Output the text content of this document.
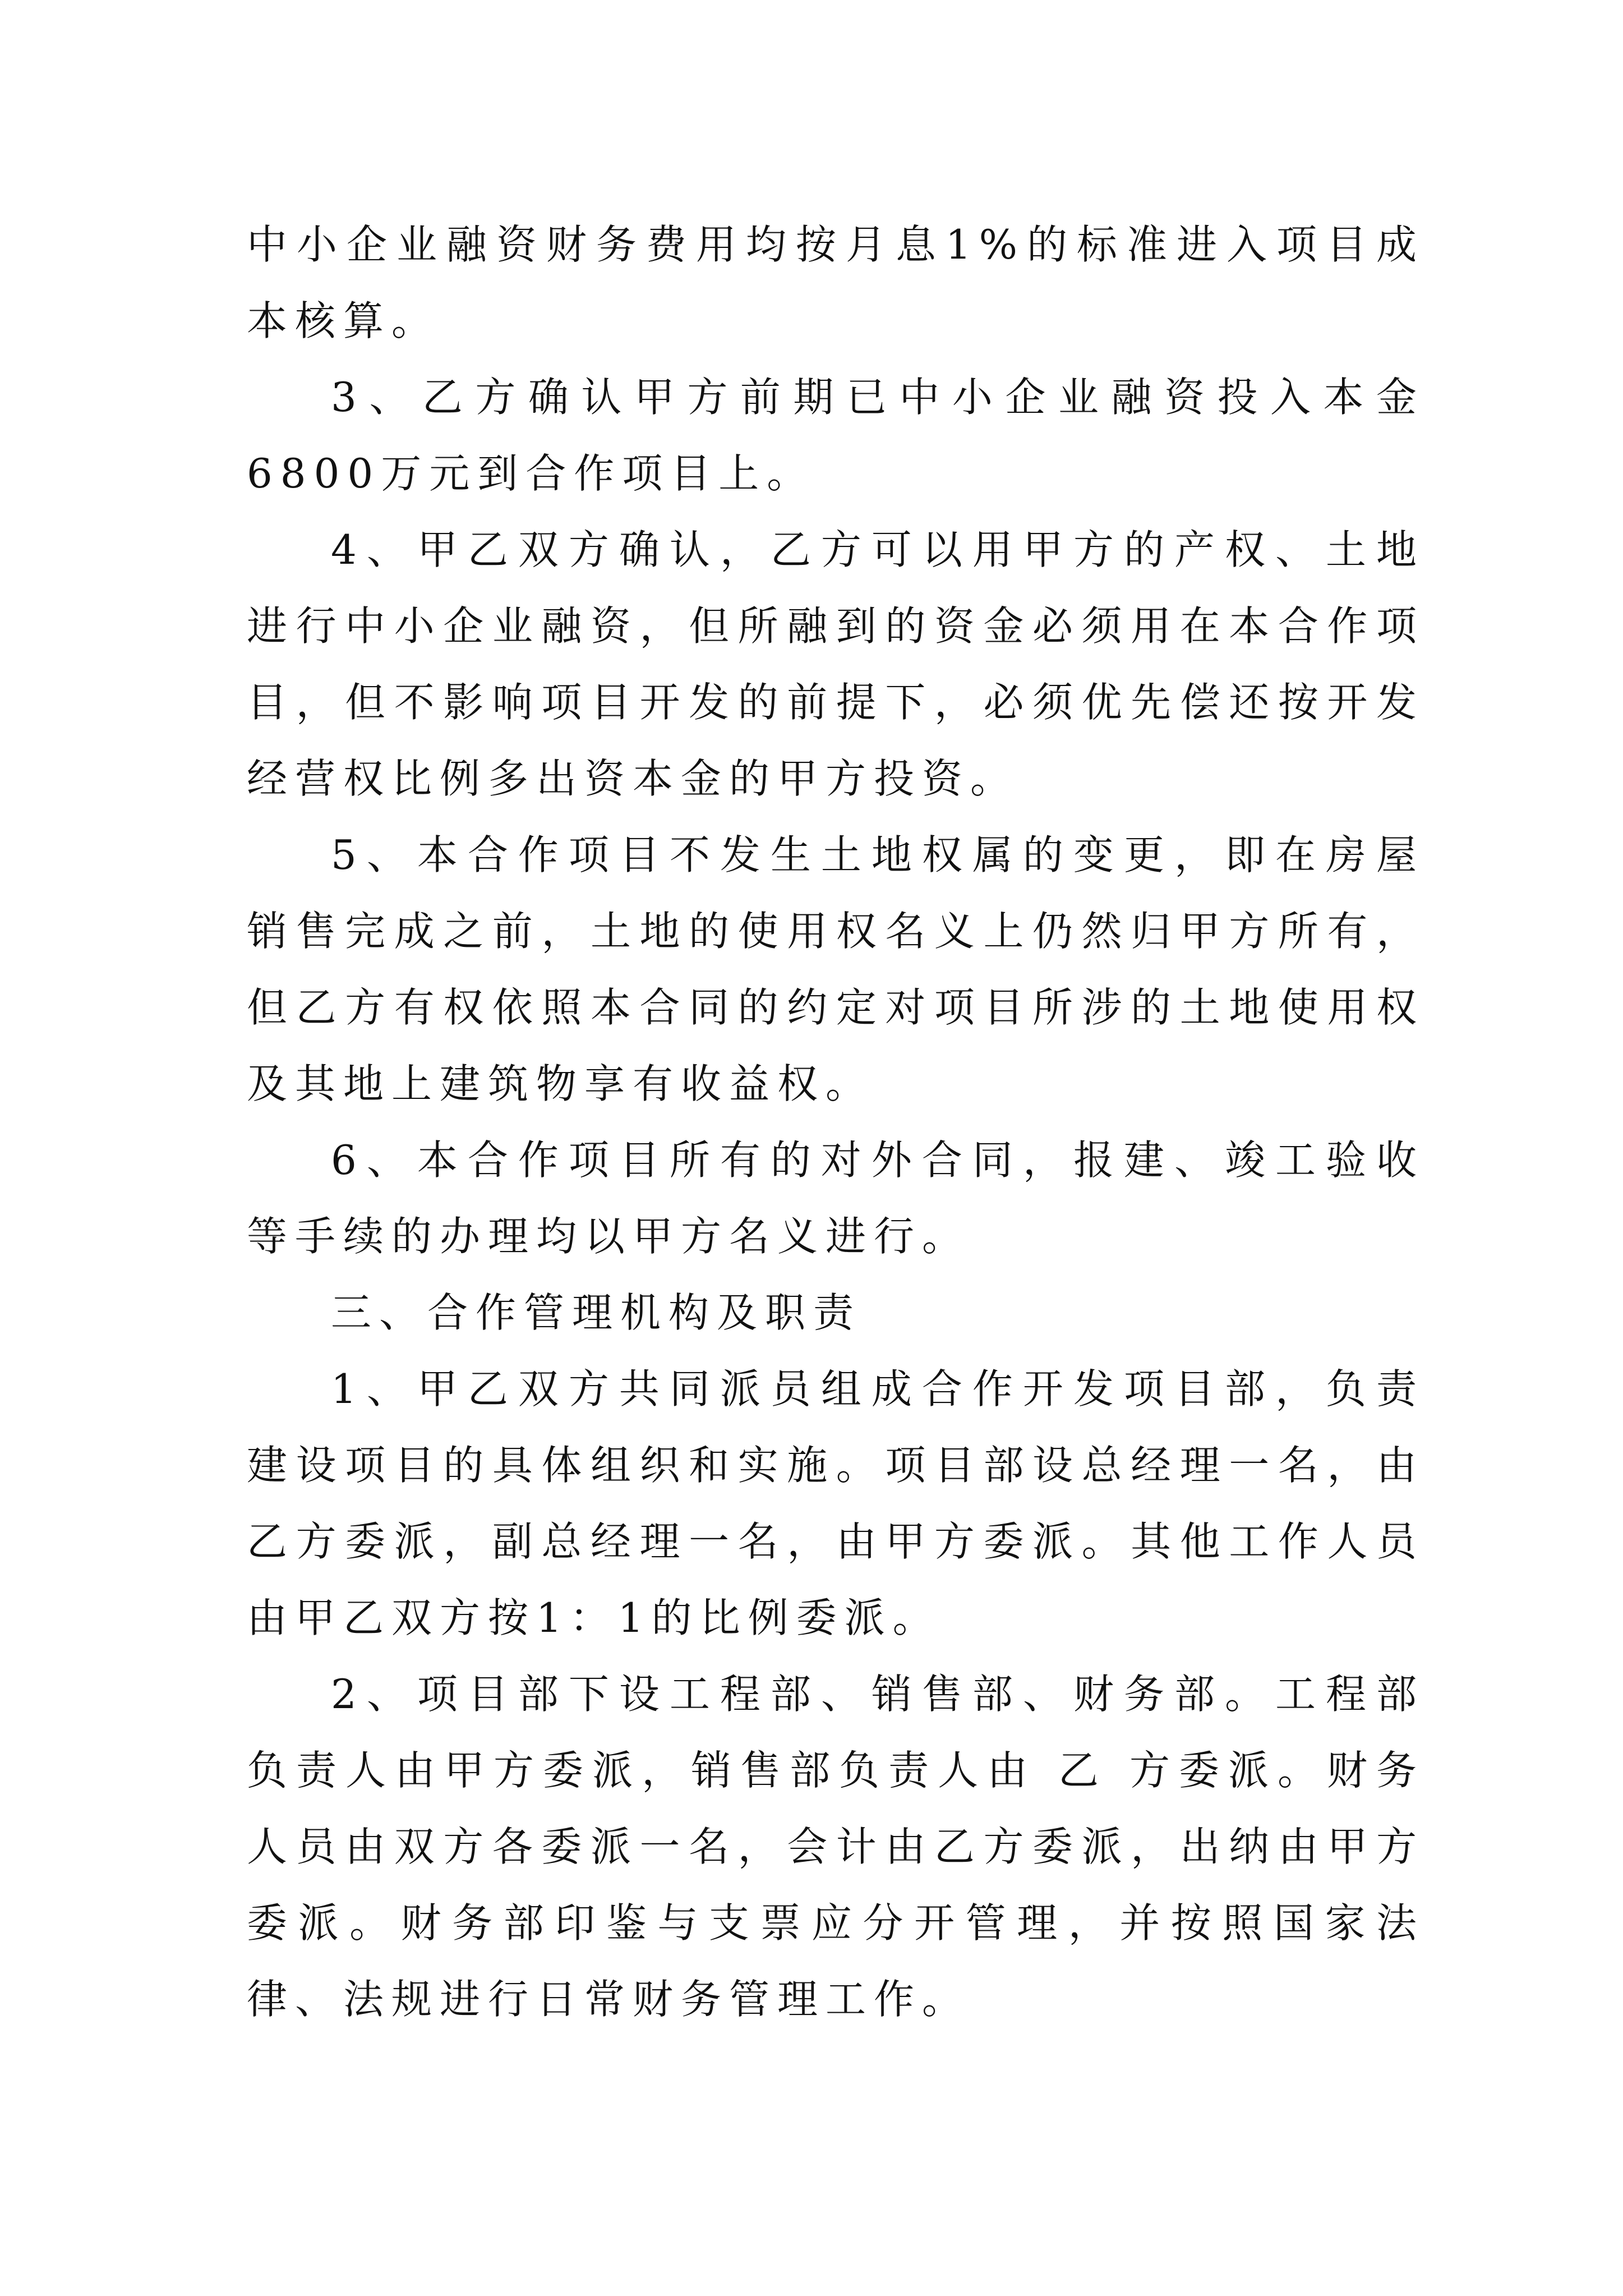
中小企业融资财务费用均按月息1%的标准进入项目成本核算。

3、乙方确认甲方前期已中小企业融资投入本金6800万元到合作项目上。

4、甲乙双方确认，乙方可以用甲方的产权、土地进行中小企业融资，但所融到的资金必须用在本合作项目，但不影响项目开发的前提下，必须优先偿还按开发经营权比例多出资本金的甲方投资。

5、本合作项目不发生土地权属的变更，即在房屋销售完成之前，土地的使用权名义上仍然归甲方所有，但乙方有权依照本合同的约定对项目所涉的土地使用权及其地上建筑物享有收益权。

6、本合作项目所有的对外合同，报建、竣工验收等手续的办理均以甲方名义进行。

三、合作管理机构及职责

1、甲乙双方共同派员组成合作开发项目部，负责建设项目的具体组织和实施。项目部设总经理一名，由乙方委派，副总经理一名，由甲方委派。其他工作人员由甲乙双方按1：1的比例委派。

2、项目部下设工程部、销售部、财务部。工程部负责人由甲方委派，销售部负责人由 乙 方委派。财务人员由双方各委派一名，会计由乙方委派，出纳由甲方委派。财务部印鉴与支票应分开管理，并按照国家法律、法规进行日常财务管理工作。
